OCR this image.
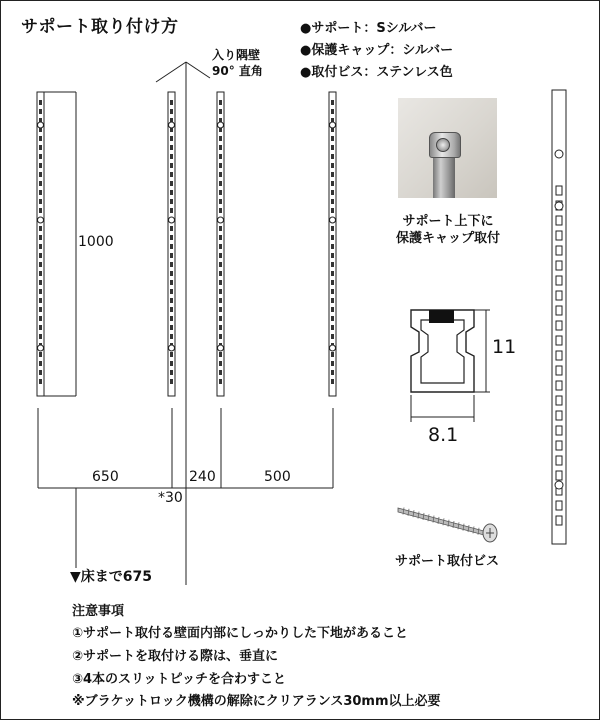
サポート取り付け方	●サポート：Sシルバー
●保護キャップ：シルバー
●取付ビス：ステンレス色
入り隅壁
90° 直角
1000
650	240	500
*30
▼床まで675
サポート上下に
保護キャップ取付
11
8.1
サポート取付ビス
注意事項
①サポート取付る壁面内部にしっかりした下地があること
②サポートを取付ける際は、垂直に
③4本のスリットピッチを合わすこと
※ブラケットロック機構の解除にクリアランス30mm以上必要
